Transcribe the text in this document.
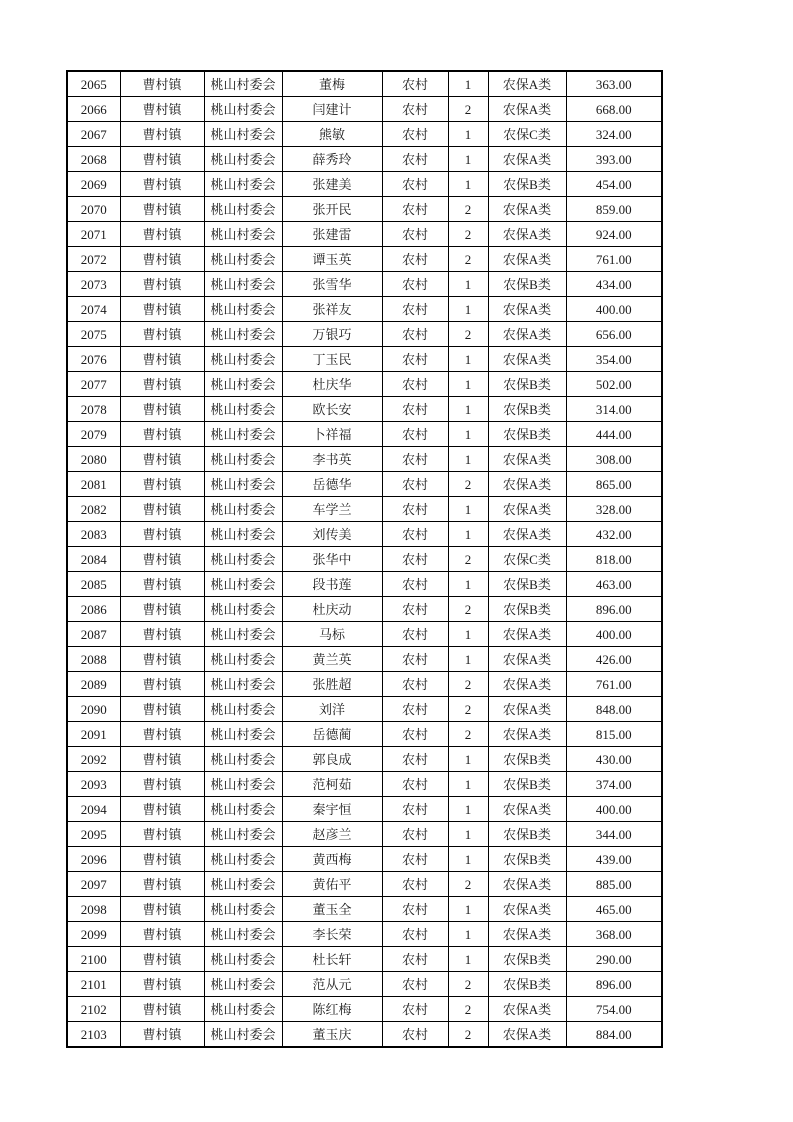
2065	曹村镇	桃山村委会	董梅	农村	1	农保A类	363.00
2066	曹村镇	桃山村委会	闫建计	农村	2	农保A类	668.00
2067	曹村镇	桃山村委会	熊敏	农村	1	农保C类	324.00
2068	曹村镇	桃山村委会	薛秀玲	农村	1	农保A类	393.00
2069	曹村镇	桃山村委会	张建美	农村	1	农保B类	454.00
2070	曹村镇	桃山村委会	张开民	农村	2	农保A类	859.00
2071	曹村镇	桃山村委会	张建雷	农村	2	农保A类	924.00
2072	曹村镇	桃山村委会	谭玉英	农村	2	农保A类	761.00
2073	曹村镇	桃山村委会	张雪华	农村	1	农保B类	434.00
2074	曹村镇	桃山村委会	张祥友	农村	1	农保A类	400.00
2075	曹村镇	桃山村委会	万银巧	农村	2	农保A类	656.00
2076	曹村镇	桃山村委会	丁玉民	农村	1	农保A类	354.00
2077	曹村镇	桃山村委会	杜庆华	农村	1	农保B类	502.00
2078	曹村镇	桃山村委会	欧长安	农村	1	农保B类	314.00
2079	曹村镇	桃山村委会	卜祥福	农村	1	农保B类	444.00
2080	曹村镇	桃山村委会	李书英	农村	1	农保A类	308.00
2081	曹村镇	桃山村委会	岳德华	农村	2	农保A类	865.00
2082	曹村镇	桃山村委会	车学兰	农村	1	农保A类	328.00
2083	曹村镇	桃山村委会	刘传美	农村	1	农保A类	432.00
2084	曹村镇	桃山村委会	张华中	农村	2	农保C类	818.00
2085	曹村镇	桃山村委会	段书莲	农村	1	农保B类	463.00
2086	曹村镇	桃山村委会	杜庆动	农村	2	农保B类	896.00
2087	曹村镇	桃山村委会	马标	农村	1	农保A类	400.00
2088	曹村镇	桃山村委会	黄兰英	农村	1	农保A类	426.00
2089	曹村镇	桃山村委会	张胜超	农村	2	农保A类	761.00
2090	曹村镇	桃山村委会	刘洋	农村	2	农保A类	848.00
2091	曹村镇	桃山村委会	岳德蔺	农村	2	农保A类	815.00
2092	曹村镇	桃山村委会	郭良成	农村	1	农保B类	430.00
2093	曹村镇	桃山村委会	范柯茹	农村	1	农保B类	374.00
2094	曹村镇	桃山村委会	秦宇恒	农村	1	农保A类	400.00
2095	曹村镇	桃山村委会	赵彦兰	农村	1	农保B类	344.00
2096	曹村镇	桃山村委会	黄西梅	农村	1	农保B类	439.00
2097	曹村镇	桃山村委会	黄佑平	农村	2	农保A类	885.00
2098	曹村镇	桃山村委会	董玉全	农村	1	农保A类	465.00
2099	曹村镇	桃山村委会	李长荣	农村	1	农保A类	368.00
2100	曹村镇	桃山村委会	杜长轩	农村	1	农保B类	290.00
2101	曹村镇	桃山村委会	范从元	农村	2	农保B类	896.00
2102	曹村镇	桃山村委会	陈红梅	农村	2	农保A类	754.00
2103	曹村镇	桃山村委会	董玉庆	农村	2	农保A类	884.00
